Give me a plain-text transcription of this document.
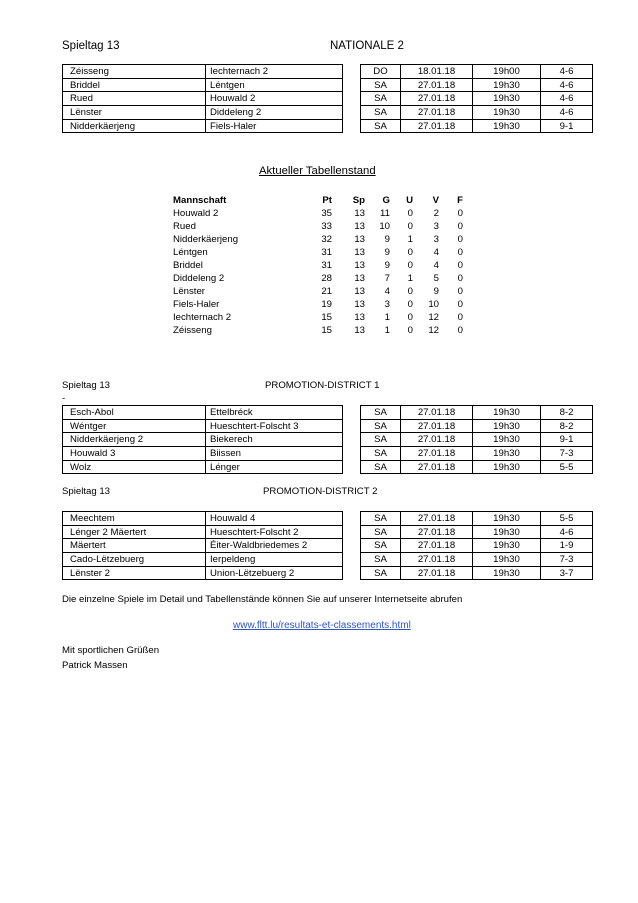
Spieltag 13	NATIONALE 2
Zéisseng	Iechternach 2		DO	18.01.18	19h00	4-6
Briddel	Léntgen		SA	27.01.18	19h30	4-6
Rued	Houwald 2		SA	27.01.18	19h30	4-6
Lënster	Diddeleng 2		SA	27.01.18	19h30	4-6
Nidderkäerjeng	Fiels-Haler		SA	27.01.18	19h30	9-1
Aktueller Tabellenstand
Mannschaft	Pt	Sp	G	U	V	F
Houwald 2	35	13	11	0	2	0
Rued	33	13	10	0	3	0
Nidderkäerjeng	32	13	9	1	3	0
Léntgen	31	13	9	0	4	0
Briddel	31	13	9	0	4	0
Diddeleng 2	28	13	7	1	5	0
Lënster	21	13	4	0	9	0
Fiels-Haler	19	13	3	0	10	0
Iechternach 2	15	13	1	0	12	0
Zéisseng	15	13	1	0	12	0
Spieltag 13	PROMOTION-DISTRICT 1
-
Esch-Abol	Ettelbréck		SA	27.01.18	19h30	8-2
Wéntger	Hueschtert-Folscht 3		SA	27.01.18	19h30	8-2
Nidderkäerjeng 2	Biekerech		SA	27.01.18	19h30	9-1
Houwald 3	Biissen		SA	27.01.18	19h30	7-3
Wolz	Lénger		SA	27.01.18	19h30	5-5
Spieltag 13	PROMOTION-DISTRICT 2
Meechtem	Houwald 4		SA	27.01.18	19h30	5-5
Lénger 2 Mäertert	Hueschtert-Folscht 2		SA	27.01.18	19h30	4-6
Mäertert	Éiter-Waldbriedemes 2		SA	27.01.18	19h30	1-9
Cado-Lëtzebuerg	Ierpeldeng		SA	27.01.18	19h30	7-3
Lënster 2	Union-Lëtzebuerg 2		SA	27.01.18	19h30	3-7
Die einzelne Spiele im Detail und Tabellenstände können Sie auf unserer Internetseite abrufen
www.fltt.lu/resultats-et-classements.html
Mit sportlichen Grüßen
Patrick Massen
